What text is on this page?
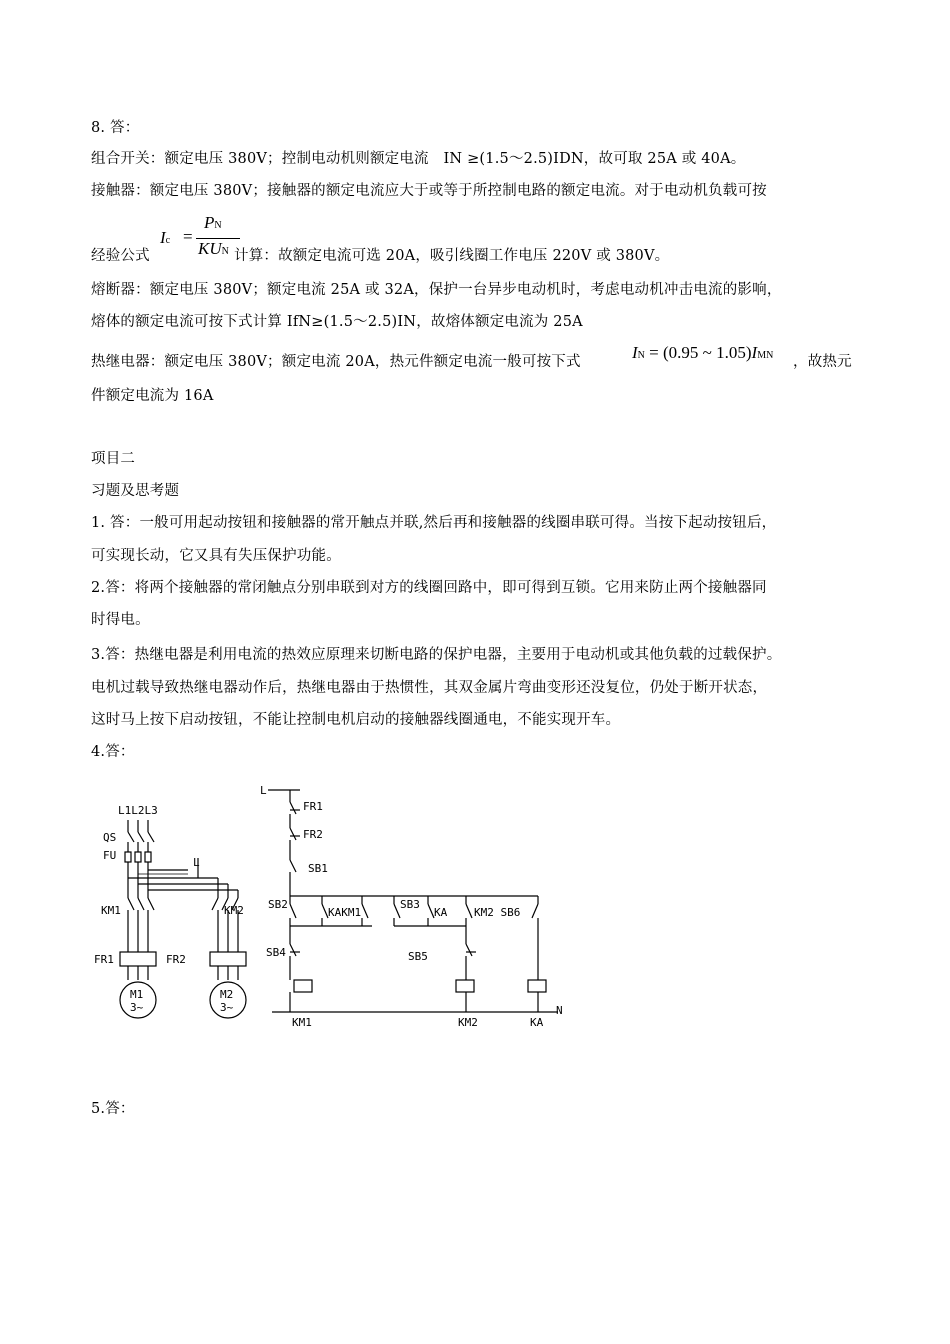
8. 答：
组合开关：额定电压 380V；控制电动机则额定电流　IN ≥(1.5～2.5)IDN，故可取 25A 或 40A。
接触器：额定电压 380V；接触器的额定电流应大于或等于所控制电路的额定电流。对于电动机负载可按
经验公式
Ic =
PN
KUN 计算：故额定电流可选 20A，吸引线圈工作电压 220V 或 380V。
熔断器：额定电压 380V；额定电流 25A 或 32A，保护一台异步电动机时，考虑电动机冲击电流的影响，
熔体的额定电流可按下式计算 IfN≥(1.5～2.5)IN，故熔体额定电流为 25A
热继电器：额定电压 380V；额定电流 20A，热元件额定电流一般可按下式	IN = (0.95 ~ 1.05)IMN ，故热元
件额定电流为 16A
项目二
习题及思考题
1. 答：一般可用起动按钮和接触器的常开触点并联,然后再和接触器的线圈串联可得。当按下起动按钮后，
可实现长动，它又具有失压保护功能。
2.答：将两个接触器的常闭触点分别串联到对方的线圈回路中，即可得到互锁。它用来防止两个接触器同
时得电。
3.答：热继电器是利用电流的热效应原理来切断电路的保护电器，主要用于电动机或其他负载的过载保护。
电机过载导致热继电器动作后，热继电器由于热惯性，其双金属片弯曲变形还没复位，仍处于断开状态，
这时马上按下启动按钮，不能让控制电机启动的接触器线圈通电，不能实现开车。
4.答：
L1L2L3
QS
FU
L
KM1	KM2
FR1	FR2
M1
3~
M2
3~
L
FR1
FR2
SB1
SB2
KAKM1
SB3
KA KM2 SB6
SB4	SB5
N
KM1	KM2	KA
5.答：
